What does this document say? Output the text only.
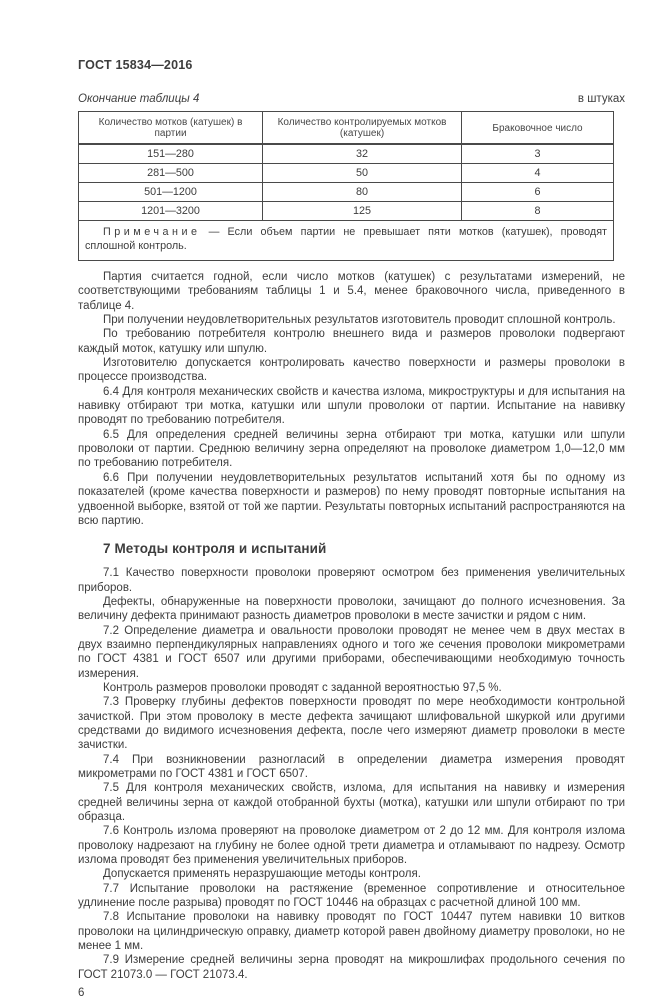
ГОСТ 15834—2016
Окончание таблицы 4	в штуках
Количество мотков (катушек) в партии	Количество контролируемых мотков (катушек)	Браковочное число
151—280	32	3
281—500	50	4
501—1200	80	6
1201—3200	125	8
Примечание — Если объем партии не превышает пяти мотков (катушек), проводят сплошной контроль.		

Партия считается годной, если число мотков (катушек) с результатами измерений, не соответствующими требованиям таблицы 1 и 5.4, менее браковочного числа, приведенного в таблице 4.

При получении неудовлетворительных результатов изготовитель проводит сплошной контроль.

По требованию потребителя контролю внешнего вида и размеров проволоки подвергают каждый моток, катушку или шпулю.

Изготовителю допускается контролировать качество поверхности и размеры проволоки в процессе производства.

6.4 Для контроля механических свойств и качества излома, микроструктуры и для испытания на навивку отбирают три мотка, катушки или шпули проволоки от партии. Испытание на навивку проводят по требованию потребителя.

6.5 Для определения средней величины зерна отбирают три мотка, катушки или шпули проволоки от партии. Среднюю величину зерна определяют на проволоке диаметром 1,0—12,0 мм по требованию потребителя.

6.6 При получении неудовлетворительных результатов испытаний хотя бы по одному из показателей (кроме качества поверхности и размеров) по нему проводят повторные испытания на удвоенной выборке, взятой от той же партии. Результаты повторных испытаний распространяются на всю партию.

7 Методы контроля и испытаний

7.1 Качество поверхности проволоки проверяют осмотром без применения увеличительных приборов.

Дефекты, обнаруженные на поверхности проволоки, зачищают до полного исчезновения. За величину дефекта принимают разность диаметров проволоки в месте зачистки и рядом с ним.

7.2 Определение диаметра и овальности проволоки проводят не менее чем в двух местах в двух взаимно перпендикулярных направлениях одного и того же сечения проволоки микрометрами по ГОСТ 4381 и ГОСТ 6507 или другими приборами, обеспечивающими необходимую точность измерения.

Контроль размеров проволоки проводят с заданной вероятностью 97,5 %.

7.3 Проверку глубины дефектов поверхности проводят по мере необходимости контрольной зачисткой. При этом проволоку в месте дефекта зачищают шлифовальной шкуркой или другими средствами до видимого исчезновения дефекта, после чего измеряют диаметр проволоки в месте зачистки.

7.4 При возникновении разногласий в определении диаметра измерения проводят микрометрами по ГОСТ 4381 и ГОСТ 6507.

7.5 Для контроля механических свойств, излома, для испытания на навивку и измерения средней величины зерна от каждой отобранной бухты (мотка), катушки или шпули отбирают по три образца.

7.6 Контроль излома проверяют на проволоке диаметром от 2 до 12 мм. Для контроля излома проволоку надрезают на глубину не более одной трети диаметра и отламывают по надрезу. Осмотр излома проводят без применения увеличительных приборов.

Допускается применять неразрушающие методы контроля.

7.7 Испытание проволоки на растяжение (временное сопротивление и относительное удлинение после разрыва) проводят по ГОСТ 10446 на образцах с расчетной длиной 100 мм.

7.8 Испытание проволоки на навивку проводят по ГОСТ 10447 путем навивки 10 витков проволоки на цилиндрическую оправку, диаметр которой равен двойному диаметру проволоки, но не менее 1 мм.

7.9 Измерение средней величины зерна проводят на микрошлифах продольного сечения по ГОСТ 21073.0 — ГОСТ 21073.4.

6
